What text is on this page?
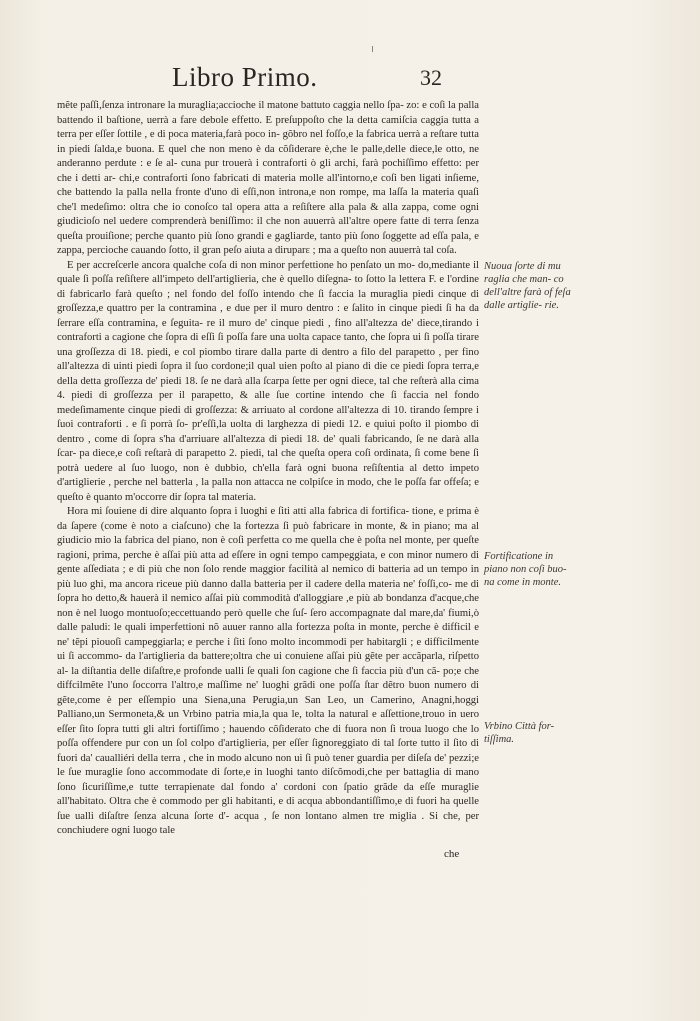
Libro Primo.	32

mẽte paſſi,ſenza intronare la muraglia;accioche il matone battuto caggia nello ſpa- zo: e coſi la palla battendo il baſtione, uerrà a fare debole effetto. E preſuppoſto che la detta camiſcia caggia tutta a terra per eſſer ſottile , e di poca materia,farà poco in- gõbro nel foſſo,e la fabrica uerrà a reſtare tutta in piedi ſalda,e buona. E quel che non meno è da cõſiderare è,che le palle,delle diece,le otto, ne anderanno perdute : e ſe al- cuna pur trouerà i contraforti ò gli archi, farà pochiſſimo effetto: per che i detti ar- chi,e contraforti ſono fabricati di materia molle all'intorno,e coſi ben ligati inſieme, che battendo la palla nella fronte d'uno di eſſi,non introna,e non rompe, ma laſſa la materia quaſi che'l medeſimo: oltra che io conoſco tal opera atta a reſiſtere alla pala & alla zappa, come ogni giudicioſo nel uedere comprenderà beniſſimo: il che non auuerrà all'altre opere fatte di terra ſenza queſta prouiſione; perche quanto più ſono grandi e gagliarde, tanto più ſono ſoggette ad eſſa pala, e zappa, percioche cauando ſotto, il gran peſo aiuta a diruparε ; ma a queſto non auuerrà tal coſa.

E per accreſcerle ancora qualche coſa di non minor perfettione ho penſato un mo- do,mediante il quale ſi poſſa reſiſtere all'impeto dell'artiglieria, che è quello diſegna- to ſotto la lettera F. e l'ordine di fabricarlo farà queſto ; nel fondo del foſſo intendo che ſi faccia la muraglia piedi cinque di groſſezza,e quattro per la contramina , e due per il muro dentro : e ſalito in cinque piedi ſi ha da ſerrare eſſa contramina, e ſeguita- re il muro de' cinque piedi , fino all'altezza de' diece,tirando i contraforti a cagione che ſopra di eſſi ſi poſſa fare una uolta capace tanto, che ſopra ui ſi poſſa tirare una groſſezza di 18. piedi, e col piombo tirare dalla parte di dentro a filo del parapetto , per fino all'altezza di uinti piedi ſopra il ſuo cordone;il qual uien poſto al piano di die ce piedi ſopra terra,e della detta groſſezza de' piedi 18. ſe ne darà alla ſcarpa ſette per ogni diece, tal che reſterà alla cima 4. piedi di groſſezza per il parapetto, & alle ſue cortine intendo che ſi faccia nel fondo medeſimamente cinque piedi di groſſezza: & arriuato al cordone all'altezza di 10. tirando ſempre i ſuoi contraforti . e ſi porrà ſo- pr'eſſi,la uolta di larghezza di piedi 12. e quiui poſto il piombo di dentro , come di ſopra s'ha d'arriuare all'altezza di piedi 18. de' quali fabricando, ſe ne darà alla ſcar- pa diece,e coſi reſtarà di parapetto 2. piedi, tal che queſta opera coſi ordinata, ſi come bene ſi potrà uedere al ſuo luogo, non è dubbio, ch'ella farà ogni buona reſiſtentia al detto impeto d'artiglierie , perche nel batterla , la palla non attacca ne colpiſce in modo, che le poſſa far offeſa; e queſto è quanto m'occorre dir ſopra tal materia.

Hora mi ſouiene di dire alquanto ſopra i luoghi e ſiti atti alla fabrica di fortifica- tione, e prima è da ſapere (come è noto a ciaſcuno) che la fortezza ſi può fabricare in monte, & in piano; ma al giudicio mio la fabrica del piano, non è coſi perfetta co me quella che è poſta nel monte, per queſte ragioni, prima, perche è aſſai più atta ad eſſere in ogni tempo campeggiata, e con minor numero di gente aſſediata ; e di più che non ſolo rende maggior facilità al nemico di batteria ad un tempo in più luo ghi, ma ancora riceue più danno dalla batteria per il cadere della materia ne' foſſi,co- me di ſopra ho detto,& hauerà il nemico aſſai più commodità d'alloggiare ,e più ab bondanza d'acque,che non è nel luogo montuoſo;eccettuando però quelle che ſuſ- ſero accompagnate dal mare,da' fiumi,ò dalle paludi: le quali imperfettioni nõ auuer ranno alla fortezza poſta in monte, perche è difficil e ne' tẽpi piouoſi campeggiarla; e perche i ſiti ſono molto incommodi per habitargli ; e difficilmente ui ſi accommo- da l'artiglieria da battere;oltra che ui conuiene aſſai più gẽte per accãparla, riſpetto al- la diſtantia delle diſaſtre,e profonde ualli ſe quali ſon cagione che ſi faccia più d'un cã- po;e che diffcilmẽte l'uno ſoccorra l'altro,e maſſime ne' luoghi grãdi one poſſa ſtar dẽtro buon numero di gẽte,come è per eſſempio una Siena,una Perugia,un San Leo, un Camerino, Anagni,hoggi Palliano,un Sermoneta,& un Vrbino patria mia,la qua le, tolta la natural e aſſettione,trouo in uero eſſer ſito ſopra tutti gli altri fortiſſimo ; hauendo cõſiderato che di fuora non ſi troua luogo che lo poſſa offendere pur con un ſol colpo d'artiglieria, per eſſer ſignoreggiato di tal ſorte tutto il ſito di fuori da' caualliéri della terra , che in modo alcuno non ui ſi può tener guardia per diſeſa de' pezzi;e le ſue muraglie ſono accommodate di ſorte,e in luoghi tanto diſcõmodi,che per battaglia di mano ſono ſicuriſſime,e tutte terrapienate dal fondo a' cordoni con ſpatio grãde da eſſe muraglie all'habitato. Oltra che è commodo per gli habitanti, e di acqua abbondantiſſimo,e di fuori ha quelle ſue ualli diſaſtre ſenza alcuna ſorte d'- acqua , ſe non lontano almen tre miglia . Si che, per conchiudere ogni luogo tale

che
Nuoua ſorte di mu raglia che man- co dell'altre farà of feſa dalle artiglie- rie.
Fortificatione in piano non coſi buo- na come in monte.
Vrbino Città for- tiſſima.
